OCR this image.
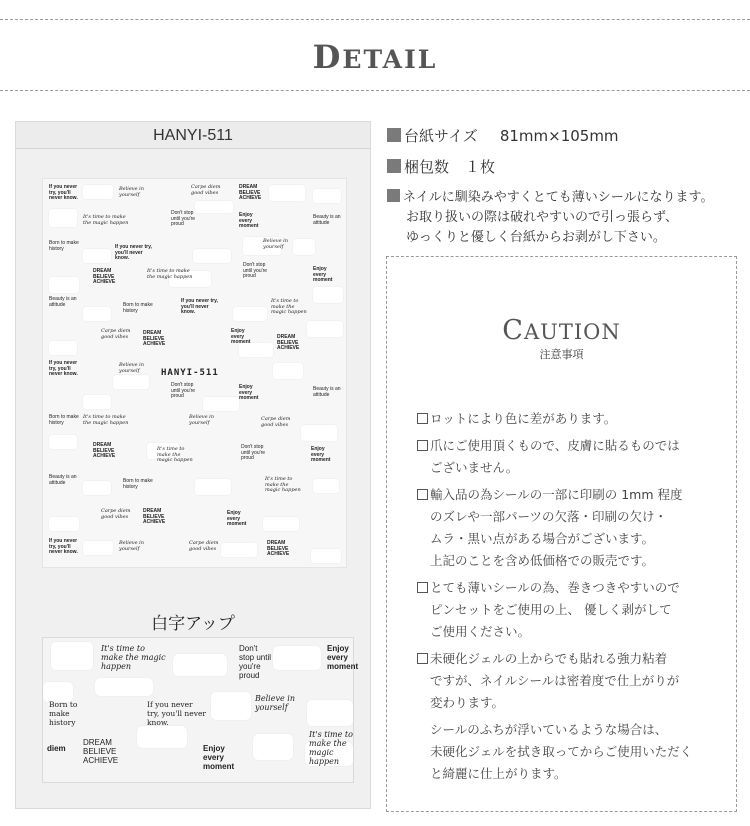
DETAIL
HANYI-511
If you never try, you'll never know.
Believe in yourself
Carpe diem good vibes
DREAM BELIEVE ACHIEVE
It's time to make the magic happen
Don't stop until you're proud
Enjoy every moment
Beauty is an attitude
Born to make history	If you never try, you'll never know.
Believe in yourself
DREAM BELIEVE ACHIEVE
It's time to make the magic happen
Don't stop until you're proud
Enjoy every moment
Beauty is an attitude	Born to make history
If you never try, you'll never know.
It's time to make the magic happen
Carpe diem good vibes
DREAM BELIEVE ACHIEVE
Enjoy every moment
DREAM BELIEVE ACHIEVE
If you never try, you'll never know.
Believe in yourself
Don't stop until you're proud
Enjoy every moment
Beauty is an attitude
Born to make history
It's time to make the magic happen
Believe in yourself
Carpe diem good vibes
DREAM BELIEVE ACHIEVE
It's time to make the magic happen
Don't stop until you're proud
Enjoy every moment
Beauty is an attitude	Born to make history
It's time to make the magic happen
Carpe diem good vibes
DREAM BELIEVE ACHIEVE
Enjoy every moment
If you never try, you'll never know.
Believe in yourself
Carpe diem good vibes
DREAM BELIEVE ACHIEVE
HANYI-511
白字アップ
It's time to make the magic happen
Don't stop until you're proud
Enjoy every moment
Born to make history
If you never try, you'll never know.
Believe in yourself
It's time to make the magic happen
diem
DREAM BELIEVE ACHIEVE
Enjoy every moment
台紙サイズ 81mm×105mm
梱包数 １枚
ネイルに馴染みやすくとても薄いシールになります。
お取り扱いの際は破れやすいので引っ張らず、
ゆっくりと優しく台紙からお剥がし下さい。
CAUTION
注意事項
ロットにより色に差があります。
爪にご使用頂くもので、皮膚に貼るものでは
ございません。
輸入品の為シールの一部に印刷の 1mm 程度
のズレや一部パーツの欠落・印刷の欠け・
ムラ・黒い点がある場合がございます。
上記のことを含め低価格での販売です。
とても薄いシールの為、巻きつきやすいので
ピンセットをご使用の上、 優しく剥がして
ご使用ください。
未硬化ジェルの上からでも貼れる強力粘着
ですが、ネイルシールは密着度で仕上がりが
変わります。
シールのふちが浮いているような場合は、
未硬化ジェルを拭き取ってからご使用いただく
と綺麗に仕上がります。
